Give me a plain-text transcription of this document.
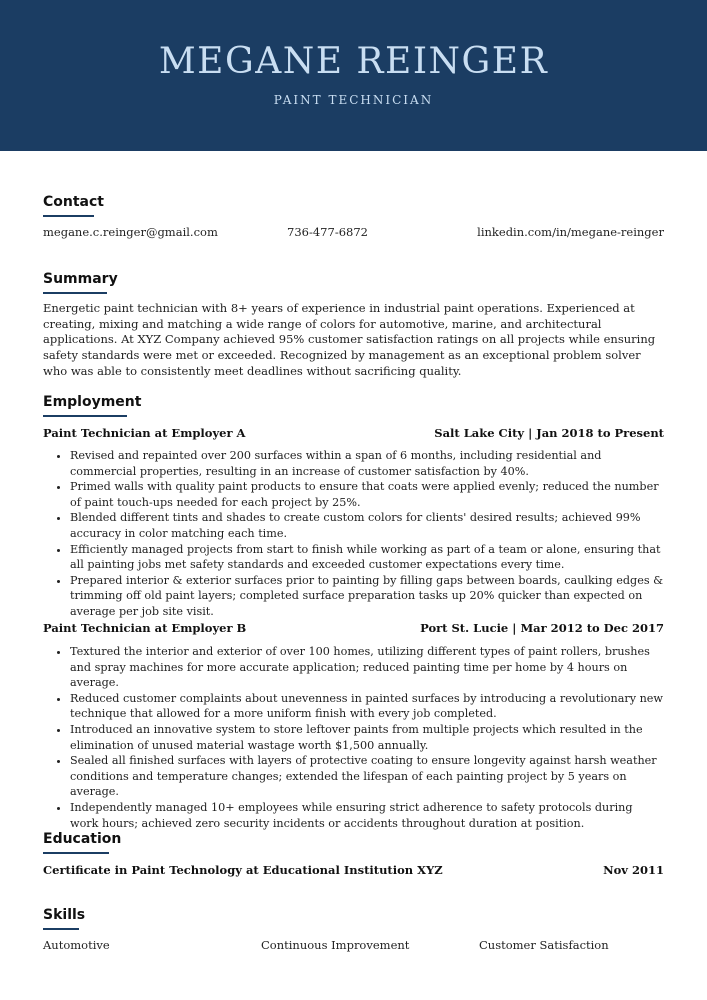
MEGANE REINGER
PAINT TECHNICIAN
Contact
megane.c.reinger@gmail.com	736-477-6872	linkedin.com/in/megane-reinger
Summary
Energetic paint technician with 8+ years of experience in industrial paint operations. Experienced at creating, mixing and matching a wide range of colors for automotive, marine, and architectural applications. At XYZ Company achieved 95% customer satisfaction ratings on all projects while ensuring safety standards were met or exceeded. Recognized by management as an exceptional problem solver who was able to consistently meet deadlines without sacrificing quality.
Employment
Paint Technician at Employer A	Salt Lake City | Jan 2018 to Present
• Revised and repainted over 200 surfaces within a span of 6 months, including residential and commercial properties, resulting in an increase of customer satisfaction by 40%.
• Primed walls with quality paint products to ensure that coats were applied evenly; reduced the number of paint touch-ups needed for each project by 25%.
• Blended different tints and shades to create custom colors for clients' desired results; achieved 99% accuracy in color matching each time.
• Efficiently managed projects from start to finish while working as part of a team or alone, ensuring that all painting jobs met safety standards and exceeded customer expectations every time.
• Prepared interior & exterior surfaces prior to painting by filling gaps between boards, caulking edges & trimming off old paint layers; completed surface preparation tasks up 20% quicker than expected on average per job site visit.
Paint Technician at Employer B	Port St. Lucie | Mar 2012 to Dec 2017
• Textured the interior and exterior of over 100 homes, utilizing different types of paint rollers, brushes and spray machines for more accurate application; reduced painting time per home by 4 hours on average.
• Reduced customer complaints about unevenness in painted surfaces by introducing a revolutionary new technique that allowed for a more uniform finish with every job completed.
• Introduced an innovative system to store leftover paints from multiple projects which resulted in the elimination of unused material wastage worth $1,500 annually.
• Sealed all finished surfaces with layers of protective coating to ensure longevity against harsh weather conditions and temperature changes; extended the lifespan of each painting project by 5 years on average.
• Independently managed 10+ employees while ensuring strict adherence to safety protocols during work hours; achieved zero security incidents or accidents throughout duration at position.
Education
Certificate in Paint Technology at Educational Institution XYZ	Nov 2011
Skills
Automotive	Continuous Improvement	Customer Satisfaction
